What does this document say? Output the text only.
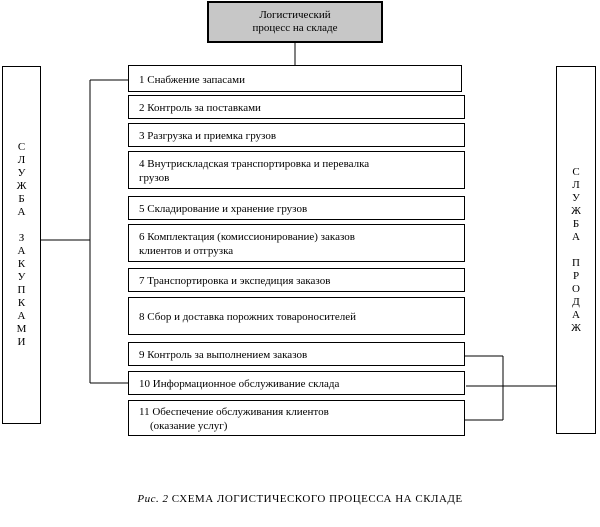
Логистический
процесс на складе
С
Л
У
Ж
Б
А

З
А
К
У
П
К
А
М
И
С
Л
У
Ж
Б
А

П
Р
О
Д
А
Ж
1 Снабжение запасами
2 Контроль за поставками
3 Разгрузка и приемка грузов
4 Внутрискладская транспортировка и перевалка
грузов
5 Складирование и хранение грузов
6 Комплектация (комиссионирование) заказов
клиентов и отгрузка
7 Транспортировка и экспедиция заказов
8 Сбор и доставка порожних товароносителей
9 Контроль за выполнением заказов
10 Информационное обслуживание склада
11 Обеспечение обслуживания клиентов
(оказание услуг)
Рис. 2 СХЕМА ЛОГИСТИЧЕСКОГО ПРОЦЕССА НА СКЛАДЕ
